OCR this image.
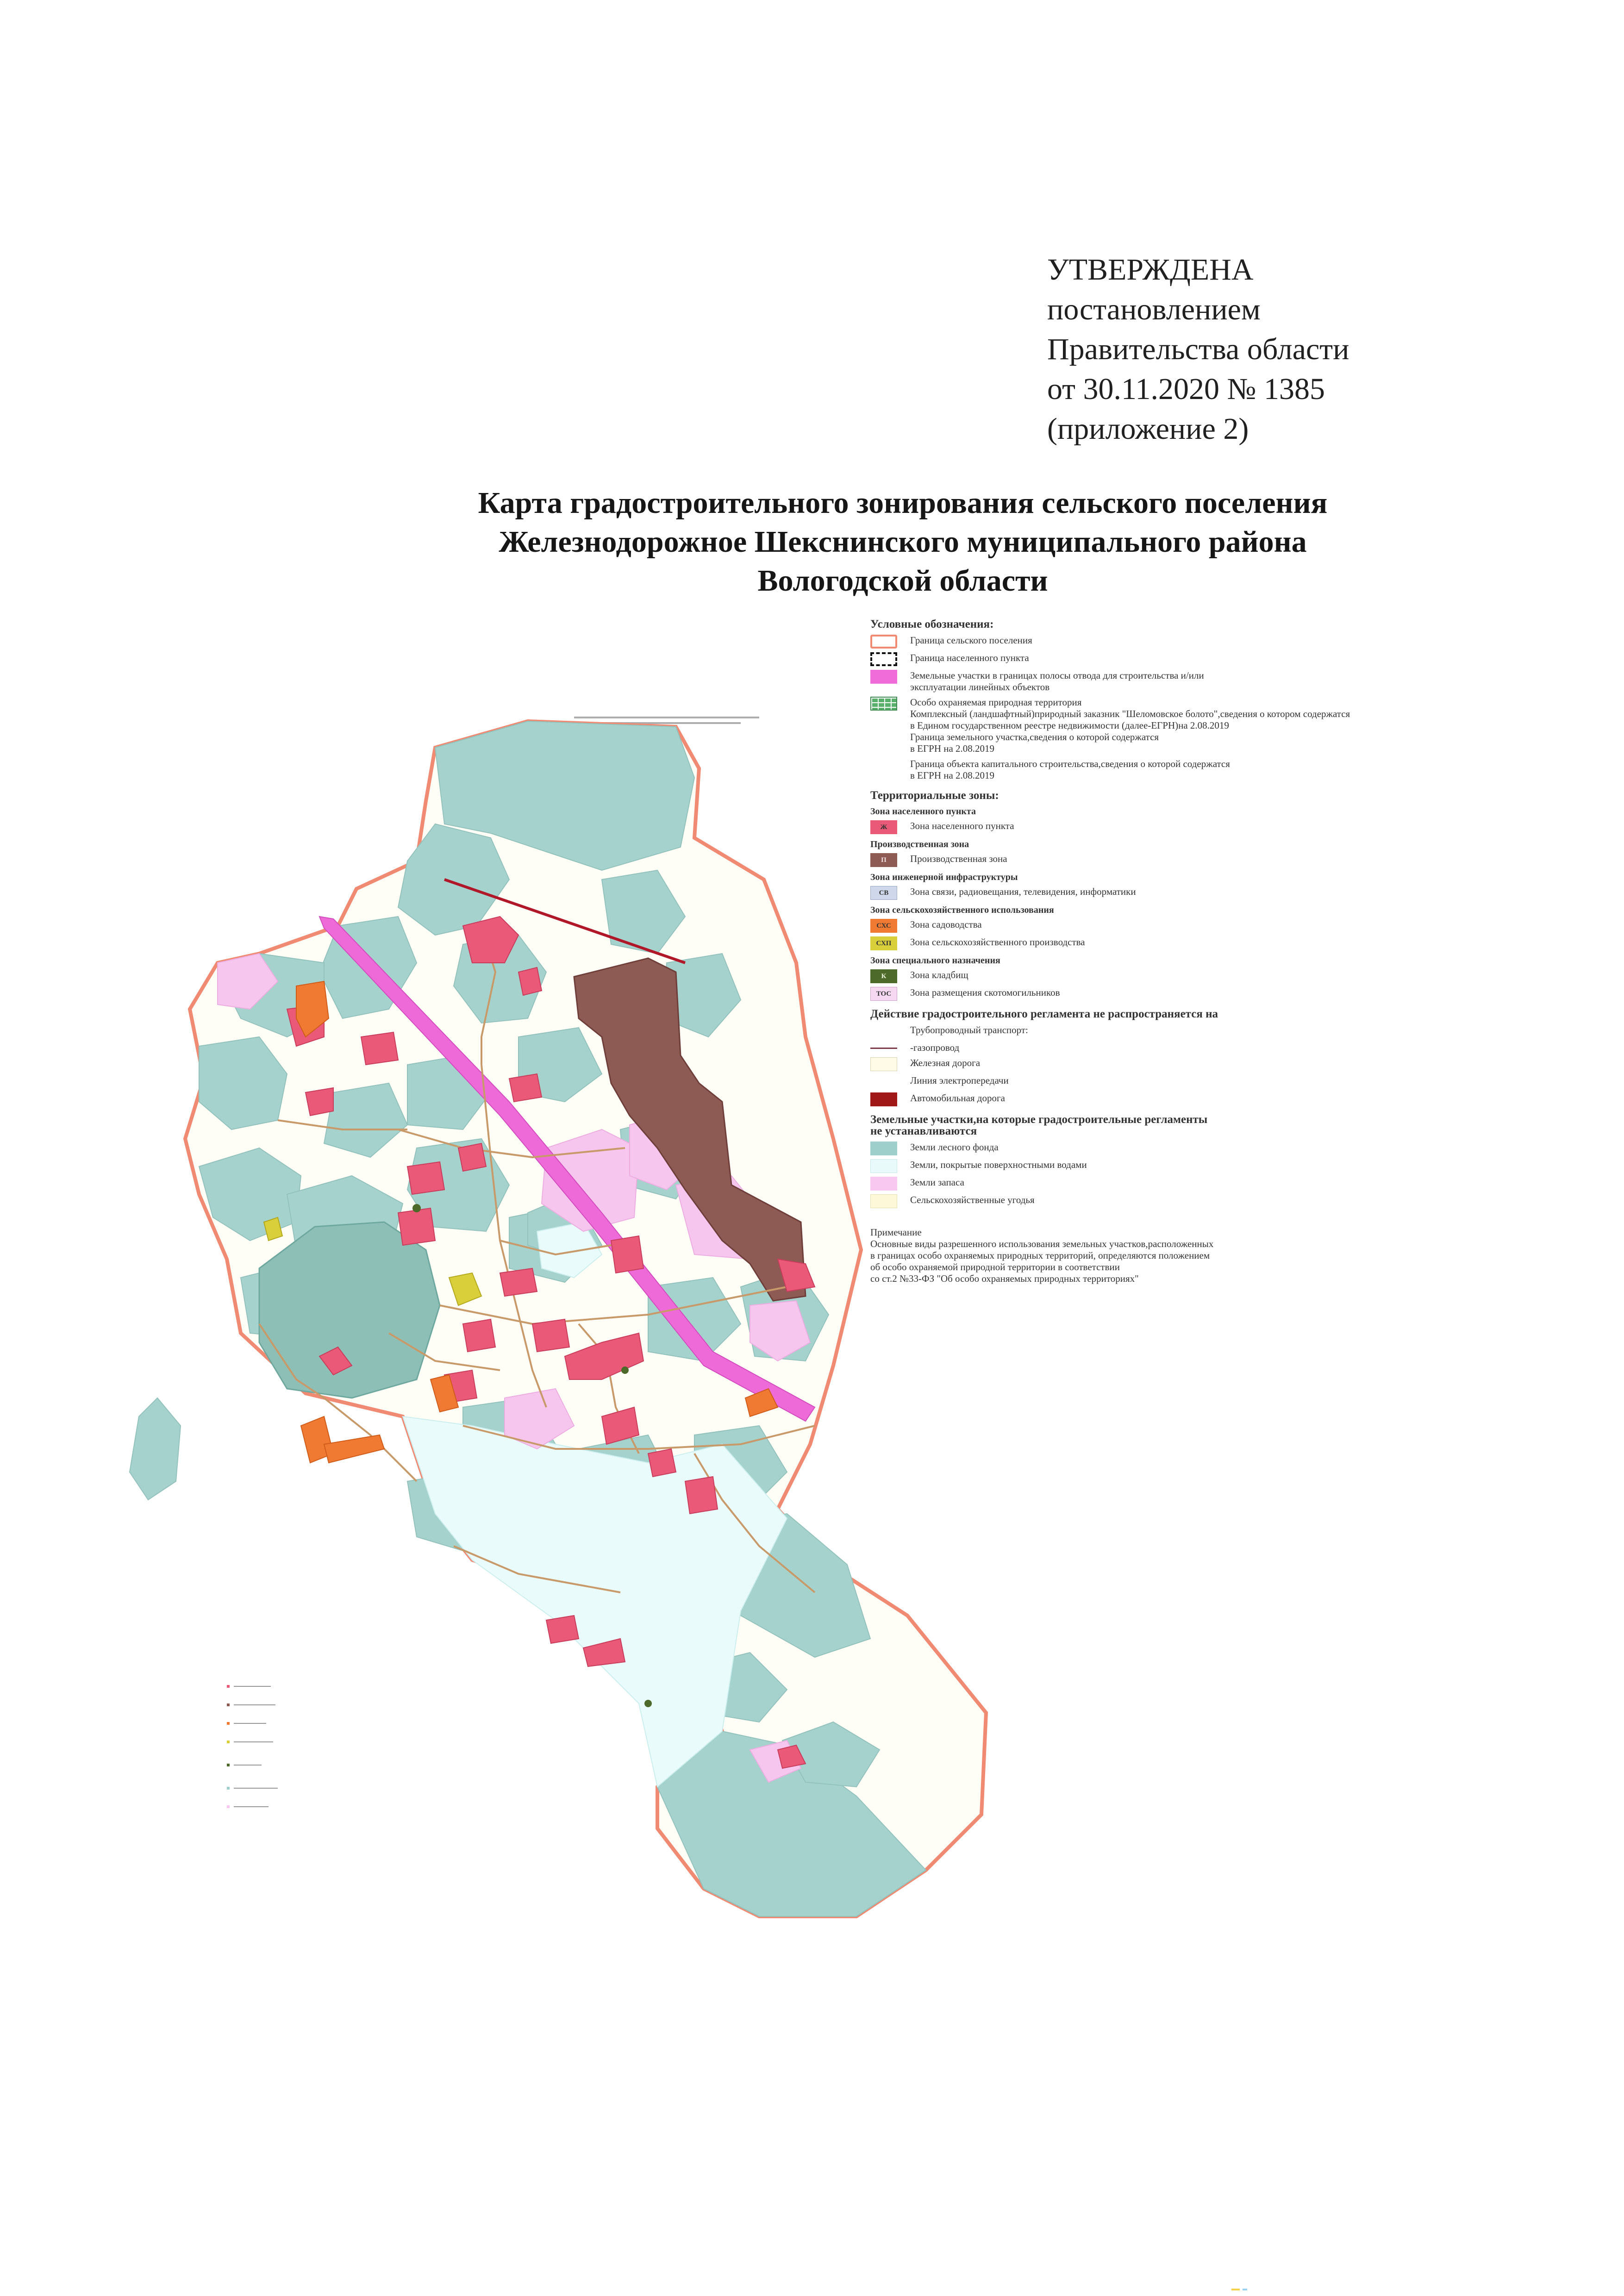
УТВЕРЖДЕНА
постановлением
Правительства области
от 30.11.2020 № 1385
(приложение 2)
Карта градостроительного зонирования сельского поселения
Железнодорожное Шекснинского муниципального района
Вологодской области
Условные обозначения:
Граница сельского поселения
Граница населенного пункта
Земельные участки в границах полосы отвода для строительства и/или
эксплуатации линейных объектов
Особо охраняемая природная территория
Комплексный (ландшафтный)природный заказник "Шеломовское болото",сведения о котором содержатся
в Едином государственном реестре недвижимости (далее-ЕГРН)на 2.08.2019
Граница земельного участка,сведения о которой содержатся
в ЕГРН на 2.08.2019
Граница объекта капитального строительства,сведения о которой содержатся
в ЕГРН на 2.08.2019
Территориальные зоны:
Зона населенного пункта
Ж	Зона населенного пункта
Производственная зона
П	Производственная зона
Зона инженерной инфраструктуры
СВ	Зона связи, радиовещания, телевидения, информатики
Зона сельскохозяйственного использования
СХС	Зона садоводства
СХП	Зона сельскохозяйственного производства
Зона специального назначения
К	Зона кладбищ
ТОС	Зона размещения скотомогильников
Действие градостроительного регламента не распространяется на
Трубопроводный транспорт:
-газопровод
Железная дорога
Линия электропередачи
Автомобильная дорога
Земельные участки,на которые градостроительные регламенты
не устанавливаются
Земли лесного фонда
Земли, покрытые поверхностными водами
Земли запаса
Сельскохозяйственные угодья
Примечание
Основные виды разрешенного использования земельных участков,расположенных
в границах особо охраняемых природных территорий, определяются положением
об особо охраняемой природной территории в соответствии
со ст.2 №33-ФЗ "Об особо охраняемых природных территориях"
